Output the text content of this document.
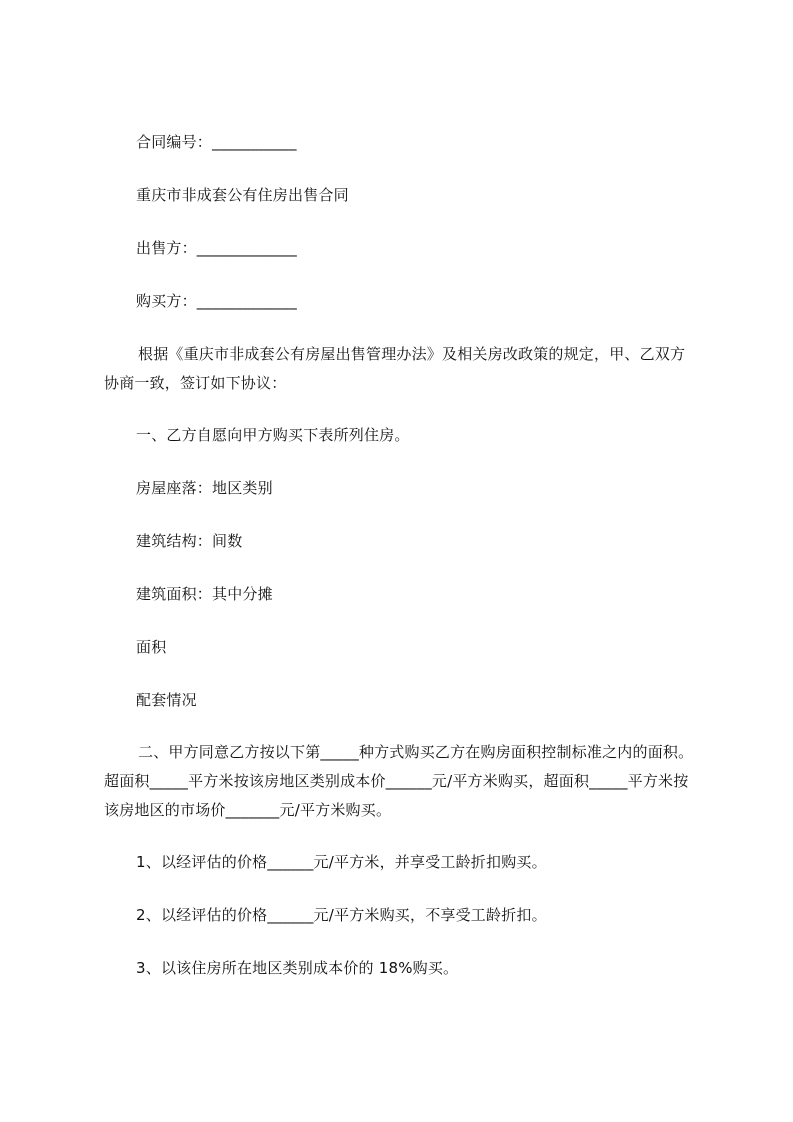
合同编号：___________
重庆市非成套公有住房出售合同
出售方：_____________
购买方：_____________
根据《重庆市非成套公有房屋出售管理办法》及相关房改政策的规定，甲、乙双方协商一致，签订如下协议：
一、乙方自愿向甲方购买下表所列住房。
房屋座落：地区类别
建筑结构：间数
建筑面积：其中分摊
面积
配套情况
二、甲方同意乙方按以下第_____种方式购买乙方在购房面积控制标准之内的面积。超面积_____平方米按该房地区类别成本价______元/平方米购买，超面积_____平方米按该房地区的市场价_______元/平方米购买。
1、以经评估的价格______元/平方米，并享受工龄折扣购买。
2、以经评估的价格______元/平方米购买，不享受工龄折扣。
3、以该住房所在地区类别成本价的 18%购买。
